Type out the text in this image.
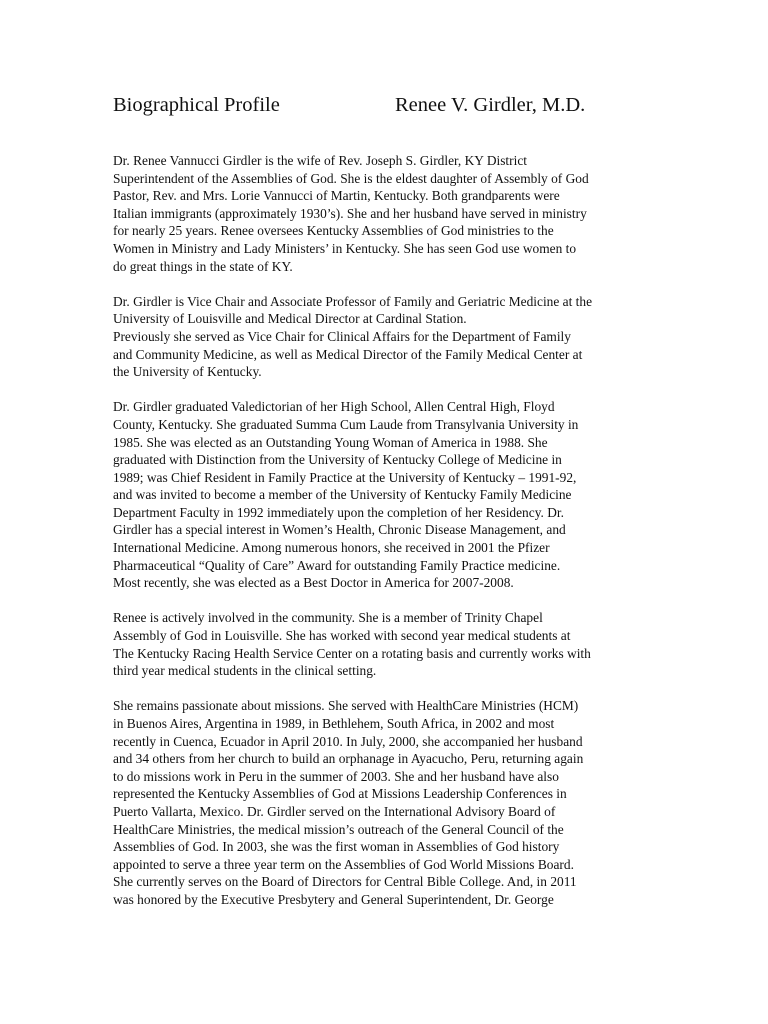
Biographical Profile	Renee V. Girdler, M.D.

Dr. Renee Vannucci Girdler is the wife of Rev. Joseph S. Girdler, KY District
Superintendent of the Assemblies of God. She is the eldest daughter of Assembly of God
Pastor, Rev. and Mrs. Lorie Vannucci of Martin, Kentucky. Both grandparents were
Italian immigrants (approximately 1930’s). She and her husband have served in ministry
for nearly 25 years. Renee oversees Kentucky Assemblies of God ministries to the
Women in Ministry and Lady Ministers’ in Kentucky. She has seen God use women to
do great things in the state of KY.

Dr. Girdler is Vice Chair and Associate Professor of Family and Geriatric Medicine at the
University of Louisville and Medical Director at Cardinal Station.
Previously she served as Vice Chair for Clinical Affairs for the Department of Family
and Community Medicine, as well as Medical Director of the Family Medical Center at
the University of Kentucky.

Dr. Girdler graduated Valedictorian of her High School, Allen Central High, Floyd
County, Kentucky. She graduated Summa Cum Laude from Transylvania University in
1985. She was elected as an Outstanding Young Woman of America in 1988. She
graduated with Distinction from the University of Kentucky College of Medicine in
1989; was Chief Resident in Family Practice at the University of Kentucky – 1991-92,
and was invited to become a member of the University of Kentucky Family Medicine
Department Faculty in 1992 immediately upon the completion of her Residency. Dr.
Girdler has a special interest in Women’s Health, Chronic Disease Management, and
International Medicine. Among numerous honors, she received in 2001 the Pfizer
Pharmaceutical “Quality of Care” Award for outstanding Family Practice medicine.
Most recently, she was elected as a Best Doctor in America for 2007-2008.

Renee is actively involved in the community. She is a member of Trinity Chapel
Assembly of God in Louisville. She has worked with second year medical students at
The Kentucky Racing Health Service Center on a rotating basis and currently works with
third year medical students in the clinical setting.

She remains passionate about missions. She served with HealthCare Ministries (HCM)
in Buenos Aires, Argentina in 1989, in Bethlehem, South Africa, in 2002 and most
recently in Cuenca, Ecuador in April 2010. In July, 2000, she accompanied her husband
and 34 others from her church to build an orphanage in Ayacucho, Peru, returning again
to do missions work in Peru in the summer of 2003. She and her husband have also
represented the Kentucky Assemblies of God at Missions Leadership Conferences in
Puerto Vallarta, Mexico. Dr. Girdler served on the International Advisory Board of
HealthCare Ministries, the medical mission’s outreach of the General Council of the
Assemblies of God. In 2003, she was the first woman in Assemblies of God history
appointed to serve a three year term on the Assemblies of God World Missions Board.
She currently serves on the Board of Directors for Central Bible College. And, in 2011
was honored by the Executive Presbytery and General Superintendent, Dr. George
